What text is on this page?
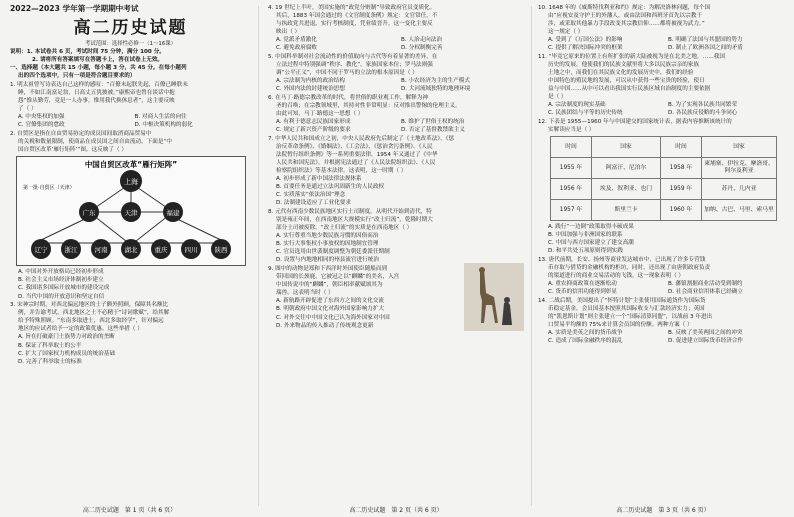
2022—2023 学年第一学期期中考试
高二历史试题
考试范围：选择性必修一（1～16课）

说明：1. 本试卷共 6 页，考试时间 75 分钟，满分 100 分。

2. 请将所有答案填写在答题卡上，答在试卷上无效。

一、选择题（本大题共 15 小题，每小题 3 分，共 45 分。在每小题列

出的四个选项中，只有一项是符合题目要求的）

1. 明太祖曾写诗表达自己这样的感叹：“百僚未起朕先起，百僚已睡朕未

睡，不如江南富足翁，日高丈五犹披被。”康熙帝也曾在谈话中抱

怨“惟从勤劳，竟是一人办事，惟用我代换休息者”，这主要反映

了（ ）

A. 中央集权的加强	B. 对商人生活的向往
C. 官僚集团的怠政	D. 中枢决策机构的弱化

2. 自贸区是指在自由贸易协定的成员国间取消商品贸易中

的关税和数量限制，使商品在成员国之间自由流动。下面是“中

国自贸区改革‘雁行矩阵’”图。这反映了（ ）

中国自贸区改革“雁行矩阵”
第一批·自贸区（天津）
上海
广东	天津	福建
辽宁	浙江	河南	湖北	重庆	四川	陕西
A. 中国对外开放格局已经初步形成
B. 社会主义市场经济体制初步建立
C. 我国诸多国际开放城市的建设完成
D. 当代中国的开放意识和坚定自信

3. 宋神宗时期，对西北偏远地区的士子额外照顾，保障其名额比

例，并告谕考试，西北地区之士不必精于“诗词歌赋”，给其解

给予特殊照顾。“东南多取进士，西北多取经学”，针对偏远

地区的应试者给予一定的政策优惠。这些举措（ ）

A. 旨在打破豪门士族势力对政治的垄断
B. 保证了科举取士的公平
C. 扩大了国家权力机构成员的统治基础
D. 完善了科举取士的标准
高二历史试题　第 1 页（共 6 页）

4. 19 世纪上半叶，美国实施的“政党分赃制”导致政府官员变质化。

其后，1883 年国会通过的《文官制度条例》规定：文官常任，不

与执政党共进退，实行考核制度，凭业绩晋升。这一变化主要反

映出（ ）

A. 党派矛盾激化	B. 人治走向法治
C. 避免政府腐败	D. 分权制衡完善

5. 中国科举制对社会流动性的价值取向与古代等有着显著的差异，在

立法过程中特别强调“秩序、教化”，家族国家本位；罗马法则强

调“公平正义”，中国不同于罗马的立法的根本原因是（ ）

A. 宗法制为内核的政治结构	B. 小农经济为主的生产模式
C. 外国内法的封建统治思想	D. 大河流域独特的地理环境

6. 在马丁·路德宗教改革的时代，将世俗的职业观工作，解释为神

圣的召唤；在宗教领域里，其持对性非常明显：反对推出警惕的伦理主义。

由此可知，马丁·路德这一思想（ ）

A. 有利于德意志民族国家形成	B. 维护了世俗王权的统治
C. 规定了新兴资产阶级的要求	D. 否定了基督教禁欲主义

7. 中华人民共和国成立之初，中央人民政府先后制定了《土地改革法》、《惩

治反革命条例》、《婚姻法》、《工会法》、《惩治贪污条例》、《人民

法院暂行组织条例》等一系列重要法律。1954 年又通过了《中华

人民共和国宪法》，并根据宪法通过了《人民法院组织法》、《人民

检察院组织法》等基本法律。这表明，这一时期（ ）

A. 初步形成了新中国法律法规体系
B. 首要任务是通过立法巩固新生的人民政权
C. 实质落实“依法治国”理念
D. 法制建设适应了工业化要求

8. 元代有西南少数民族地区实行土司制度。从明代开始到清代，特

别是雍正年间，在西南地区大规模实行“改土归流”，乾隆时期大

部分土司被废除。“改土归流”的实质是在西南地区（ ）

A. 实行尊重当地少数民族习惯的因俗而治
B. 实行大事集权小事放权的因地制宜管理
C. 官员选用由世袭制度调整为朝廷委派任期制
D. 设置与内地地相同的州县流官进行统治

9. 图中的动物是郑和下西洋时外国使臣随船而到

带回国的长颈鹿，它被冠之以“麒麟”的美名，入宫

中国传说中的“麒麟”，朝臣相率献赋颂其为

瑞兽。这表明当时（ ）

A. 新航路开辟促进了东西方之间的文化交流
B. 明朝政府中国文化对海外国家影响力扩大
C. 对外交往中中国文化已认为海外国家对中国
D. 外来物品的传入推动了传统观念更新
高二历史试题　第 2 页（共 6 页）

10. 1648 年的《威斯特伐利亚和约》规定：为解决洛林问题，每个国

由“应视安及守护王的外藩人，或由法国和西班牙首先以宗教干

涉，或采取其他暴力手段改变其宗教信仰……都将被视为武力。”

这一规定（ ）

A. 受到了《万国公法》的影响	B. 明确了法国与其盟国的势力
C. 提供了解决国际冲突的框架	D. 制止了欧洲各国之间的矛盾

11. “毕竟它原来的位置上有所扩张的新大陆被视为是在北美之地，……我国

历史的发展，他使我们的民族文献里将大多以民族宗亲的家族

土地之中，而我们在其民族文化的发展历史中，我们的经验

中国特色的殖民地的发展，可以从中获得一些宝贵的经验，使日

益与中国……从中可以看出我国实行民族区域自治制度的主要依据

是（ ）

A. 宗法制度的现实基础	B. 为了实现各民族共同繁荣
C. 民族团结与平等的历史传统	D. 各民族反侵略的斗争同心

12. 下表是 1955—1960 年与中国建交的国家统计表，据表内容推断该统计的

实解读应当是（ ）

时间	国家	时间	国家
1955 年	阿富汗、尼泊尔	1958 年	柬埔寨、伊拉克、摩洛哥、阿尔及利亚
1956 年	埃及、叙利亚、也门	1959 年	苏丹、几内亚
1957 年	斯里兰卡	1960 年	加纳、古巴、马里、索马里
A. 践行“一边倒”政策取得丰硕成果
B. 中国加强与非洲国家的联系
C. 中国与西方国家建立了建交高潮
D. 和平共处五项原则得到实践

13. 唐代前期，长安、扬州等商业发达城市中，已出现了许多专营钱

币存取与借贷的金融机构的柜坊，同时，还出现了由唐朝政府负责

的渠道进行的商业交易活动的飞钱。这一现象表明（ ）

A. 重农抑商政策在逐渐松动	B. 藩镇割据商业活动受到制约
C. 货币的信用功能得到彰显	D. 社会商业信用体系已经确立

14. 二战后期，美国提出了“怀特计划”主张使用国际通货作为国际货

币稳定基金，会员国基本按照其国际收支与汇款经济实力；英国

的“凯恩斯计划”则主张建立一个“国际清算同盟”，以战前 3 年进出

口贸易平均额的 75%来计算会员国的份额。两种方案（ ）

A. 实质是美英之间的货币战争	B. 反映了美英两国之间的冲突
C. 造成了国际金融秩序的混乱	D. 促进建立国际货币经济合作
高二历史试题　第 3 页（共 6 页）
